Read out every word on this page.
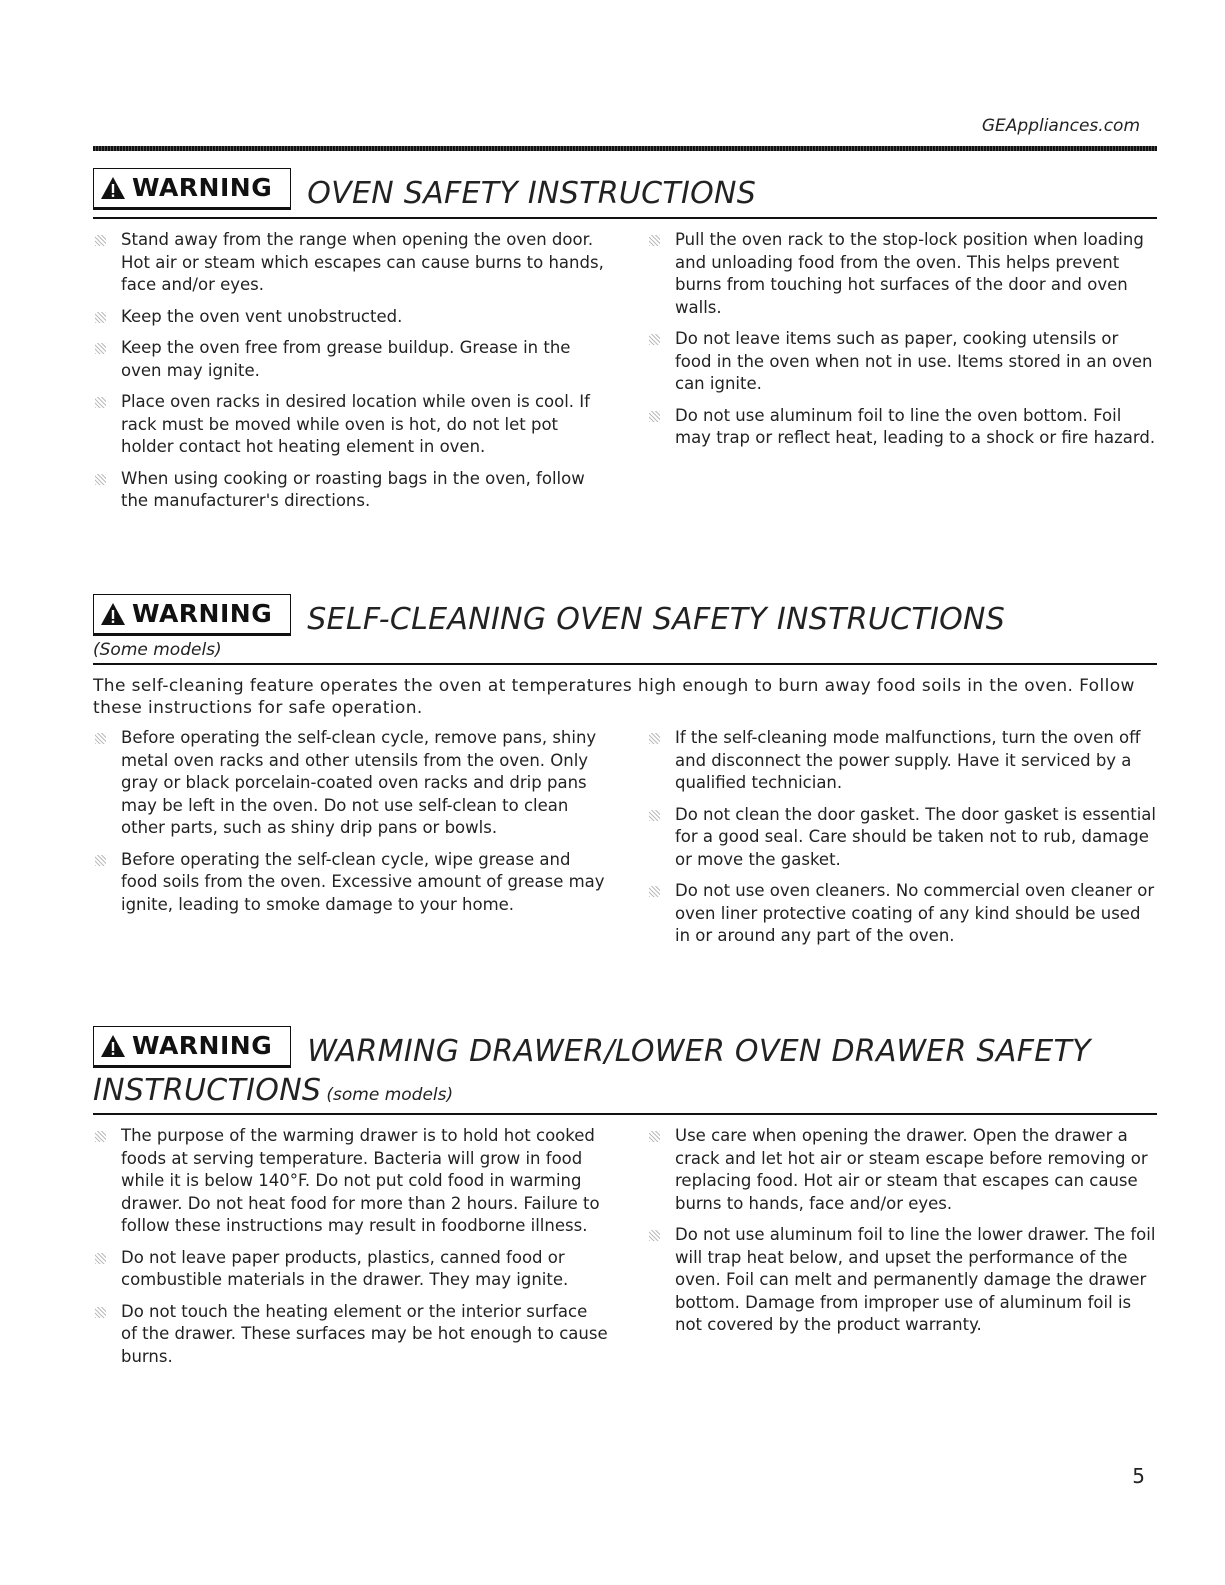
GEAppliances.com
WARNING OVEN SAFETY INSTRUCTIONS
Stand away from the range when opening the oven door. Hot air or steam which escapes can cause burns to hands, face and/or eyes.
Keep the oven vent unobstructed.
Keep the oven free from grease buildup. Grease in the oven may ignite.
Place oven racks in desired location while oven is cool. If rack must be moved while oven is hot, do not let pot holder contact hot heating element in oven.
When using cooking or roasting bags in the oven, follow the manufacturer's directions.
Pull the oven rack to the stop-lock position when loading and unloading food from the oven. This helps prevent burns from touching hot surfaces of the door and oven walls.
Do not leave items such as paper, cooking utensils or food in the oven when not in use. Items stored in an oven can ignite.
Do not use aluminum foil to line the oven bottom. Foil may trap or reflect heat, leading to a shock or fire hazard.
WARNING SELF-CLEANING OVEN SAFETY INSTRUCTIONS
(Some models)

The self-cleaning feature operates the oven at temperatures high enough to burn away food soils in the oven. Follow these instructions for safe operation.

Before operating the self-clean cycle, remove pans, shiny metal oven racks and other utensils from the oven. Only gray or black porcelain-coated oven racks and drip pans may be left in the oven. Do not use self-clean to clean other parts, such as shiny drip pans or bowls.
Before operating the self-clean cycle, wipe grease and food soils from the oven. Excessive amount of grease may ignite, leading to smoke damage to your home.
If the self-cleaning mode malfunctions, turn the oven off and disconnect the power supply. Have it serviced by a qualified technician.
Do not clean the door gasket. The door gasket is essential for a good seal. Care should be taken not to rub, damage or move the gasket.
Do not use oven cleaners. No commercial oven cleaner or oven liner protective coating of any kind should be used in or around any part of the oven.
WARNING WARMING DRAWER/LOWER OVEN DRAWER SAFETY
INSTRUCTIONS (some models)
The purpose of the warming drawer is to hold hot cooked foods at serving temperature. Bacteria will grow in food while it is below 140°F. Do not put cold food in warming drawer. Do not heat food for more than 2 hours. Failure to follow these instructions may result in foodborne illness.
Do not leave paper products, plastics, canned food or combustible materials in the drawer. They may ignite.
Do not touch the heating element or the interior surface of the drawer. These surfaces may be hot enough to cause burns.
Use care when opening the drawer. Open the drawer a crack and let hot air or steam escape before removing or replacing food. Hot air or steam that escapes can cause burns to hands, face and/or eyes.
Do not use aluminum foil to line the lower drawer. The foil will trap heat below, and upset the performance of the oven. Foil can melt and permanently damage the drawer bottom. Damage from improper use of aluminum foil is not covered by the product warranty.
5
